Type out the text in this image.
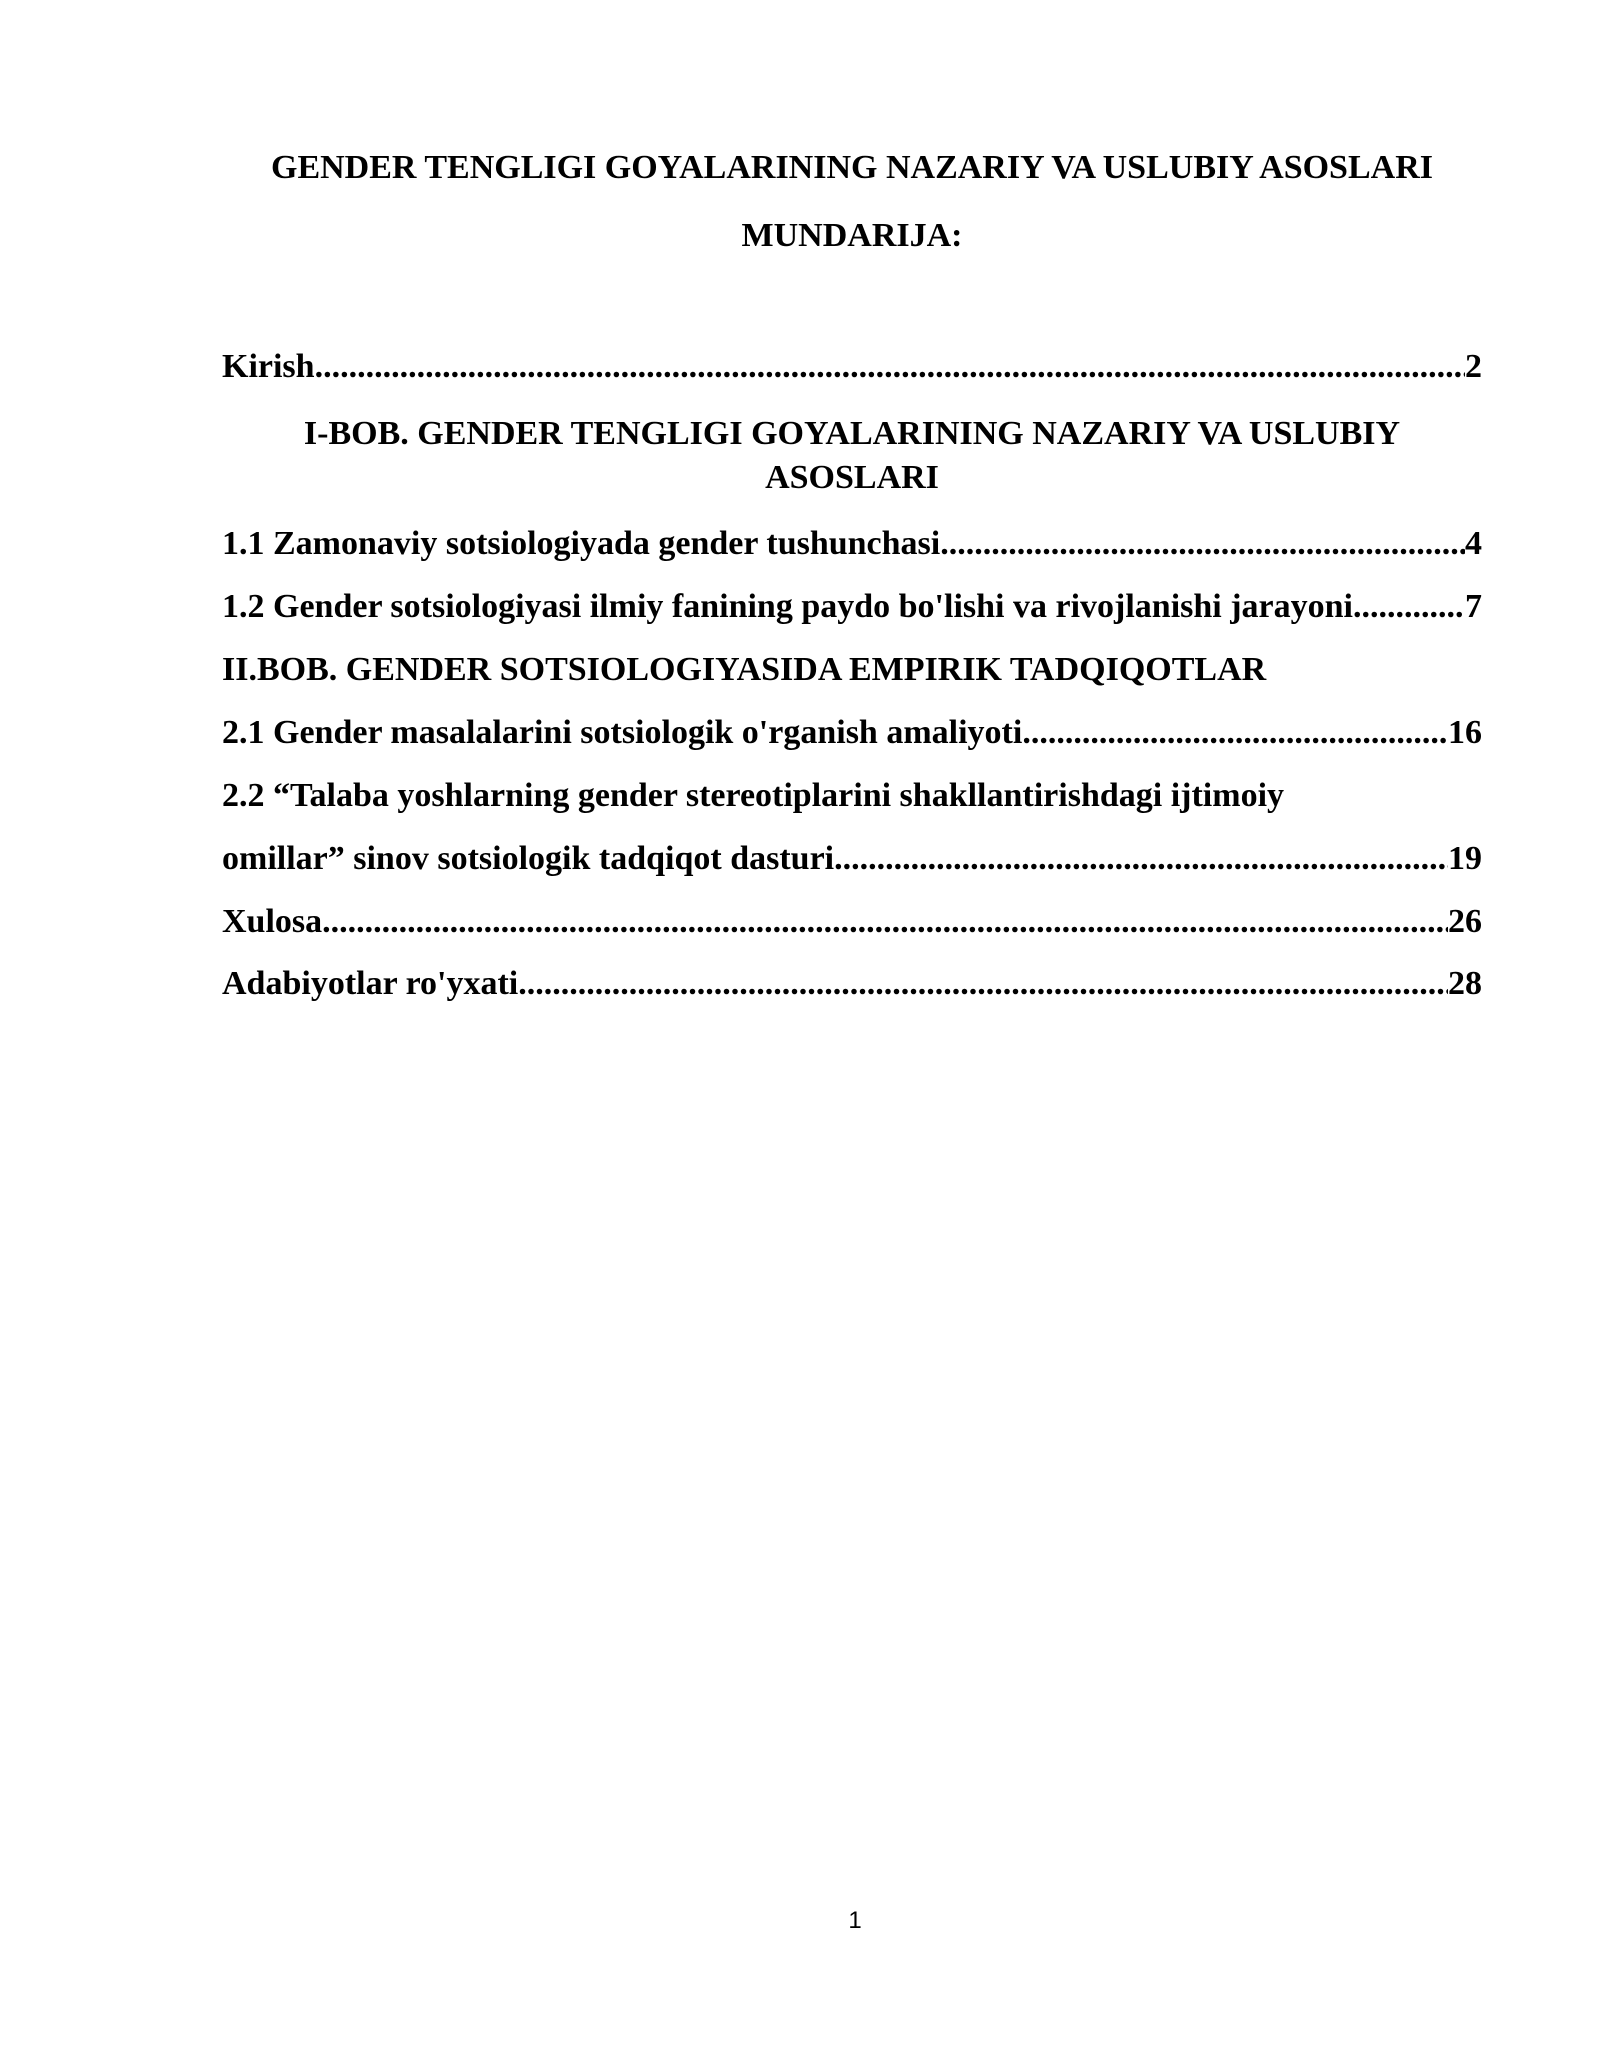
GENDER TENGLIGI GOYALARINING NAZARIY VA USLUBIY ASOSLARI
MUNDARIJA:
Kirish .....	2
I-BOB. GENDER TENGLIGI GOYALARINING NAZARIY VA USLUBIY
ASOSLARI
1.1 Zamonaviy sotsiologiyada gender tushunchasi .....	4
1.2 Gender sotsiologiyasi ilmiy fanining paydo bo'lishi va rivojlanishi jarayoni .....	7
II.BOB. GENDER SOTSIOLOGIYASIDA EMPIRIK TADQIQOTLAR
2.1 Gender masalalarini sotsiologik o'rganish amaliyoti .....	16
2.2 “Talaba yoshlarning gender stereotiplarini shakllantirishdagi ijtimoiy
omillar” sinov sotsiologik tadqiqot dasturi .....	19
Xulosa .....	26
Adabiyotlar ro'yxati .....	28
1
